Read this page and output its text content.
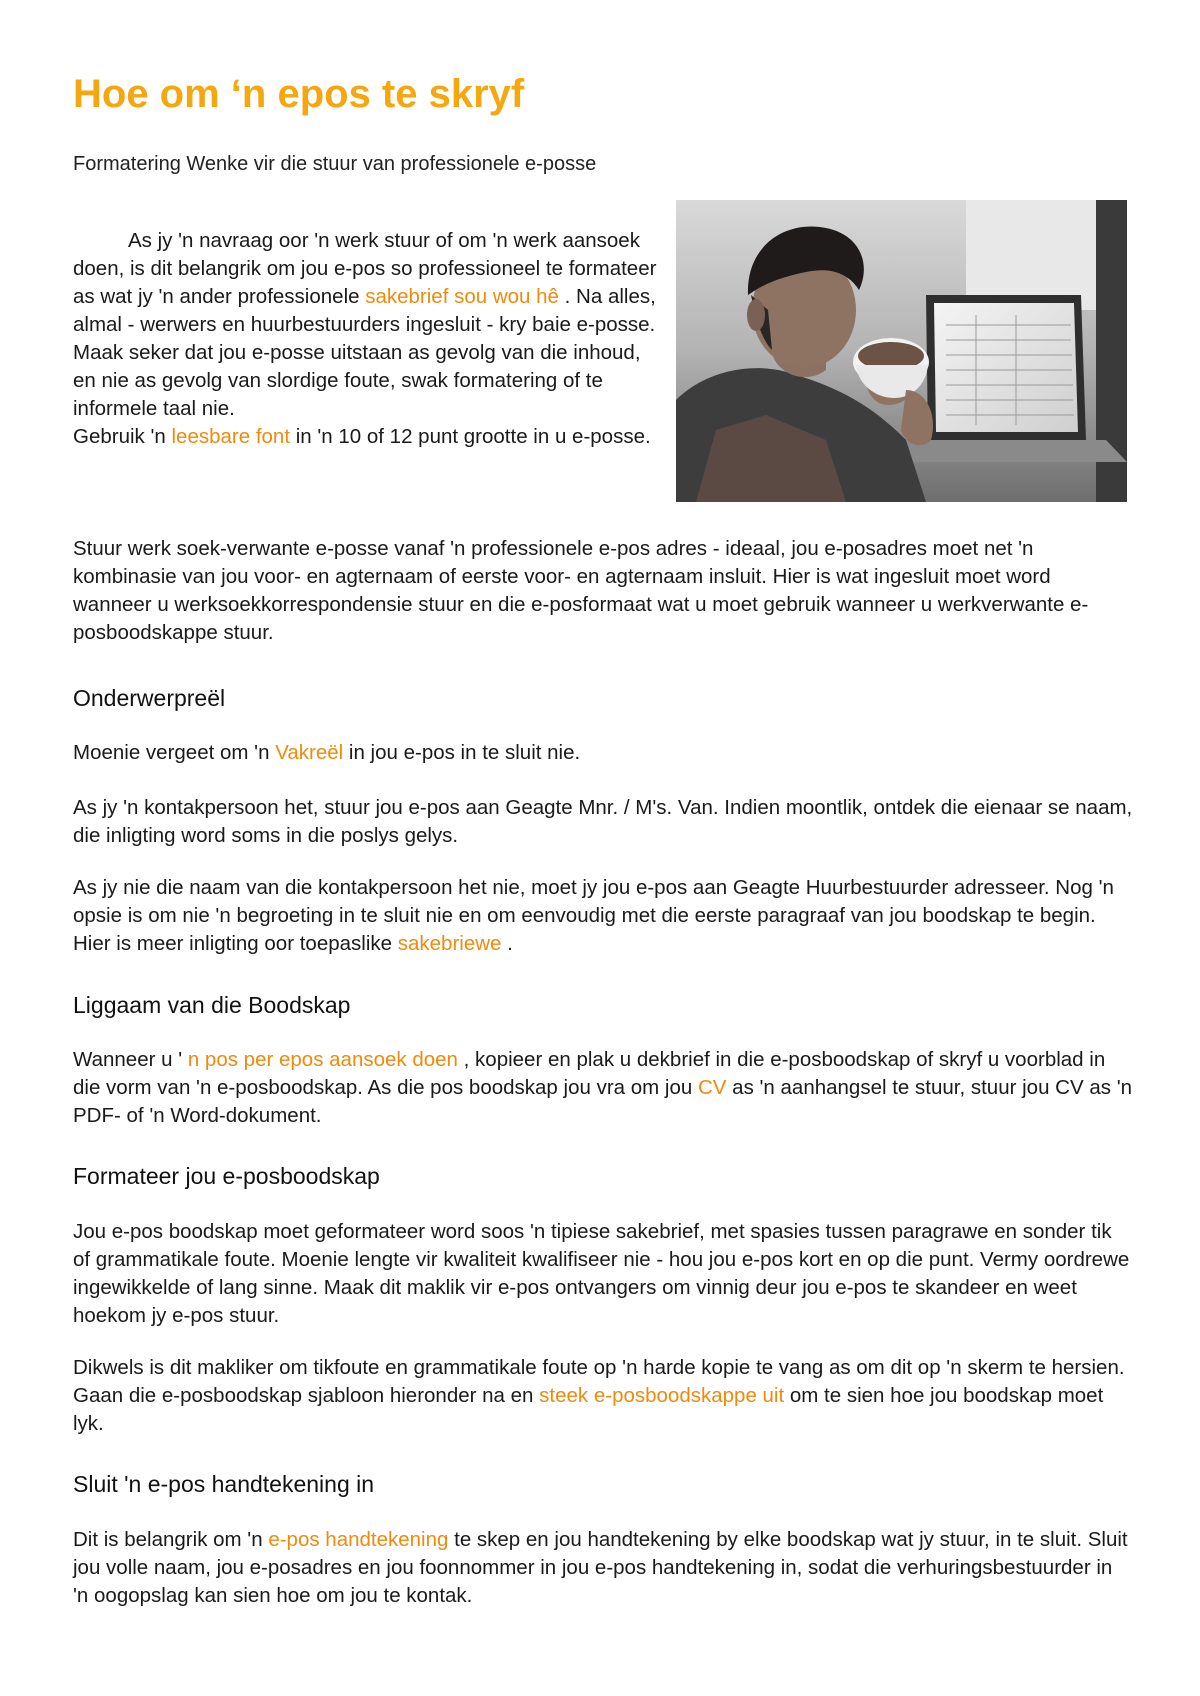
Hoe om ‘n epos te skryf

Formatering Wenke vir die stuur van professionele e-posse

As jy 'n navraag oor 'n werk stuur of om 'n werk aansoek doen, is dit belangrik om jou e-pos so professioneel te formateer as wat jy 'n ander professionele sakebrief sou wou hê . Na alles, almal - werwers en huurbestuurders ingesluit - kry baie e-posse. Maak seker dat jou e-posse uitstaan as gevolg van die inhoud, en nie as gevolg van slordige foute, swak formatering of te informele taal nie.
Gebruik 'n leesbare font in 'n 10 of 12 punt grootte in u e-posse.

Stuur werk soek-verwante e-posse vanaf 'n professionele e-pos adres - ideaal, jou e-posadres moet net 'n kombinasie van jou voor- en agternaam of eerste voor- en agternaam insluit. Hier is wat ingesluit moet word wanneer u werksoekkorrespondensie stuur en die e-posformaat wat u moet gebruik wanneer u werkverwante e-posboodskappe stuur.

Onderwerpreël

Moenie vergeet om 'n Vakreël in jou e-pos in te sluit nie.

As jy 'n kontakpersoon het, stuur jou e-pos aan Geagte Mnr. / M's. Van. Indien moontlik, ontdek die eienaar se naam, die inligting word soms in die poslys gelys.

As jy nie die naam van die kontakpersoon het nie, moet jy jou e-pos aan Geagte Huurbestuurder adresseer. Nog 'n opsie is om nie 'n begroeting in te sluit nie en om eenvoudig met die eerste paragraaf van jou boodskap te begin. Hier is meer inligting oor toepaslike sakebriewe .

Liggaam van die Boodskap

Wanneer u ' n pos per epos aansoek doen , kopieer en plak u dekbrief in die e-posboodskap of skryf u voorblad in die vorm van 'n e-posboodskap. As die pos boodskap jou vra om jou CV as 'n aanhangsel te stuur, stuur jou CV as 'n PDF- of 'n Word-dokument.

Formateer jou e-posboodskap

Jou e-pos boodskap moet geformateer word soos 'n tipiese sakebrief, met spasies tussen paragrawe en sonder tik of grammatikale foute. Moenie lengte vir kwaliteit kwalifiseer nie - hou jou e-pos kort en op die punt. Vermy oordrewe ingewikkelde of lang sinne. Maak dit maklik vir e-pos ontvangers om vinnig deur jou e-pos te skandeer en weet hoekom jy e-pos stuur.

Dikwels is dit makliker om tikfoute en grammatikale foute op 'n harde kopie te vang as om dit op 'n skerm te hersien. Gaan die e-posboodskap sjabloon hieronder na en steek e-posboodskappe uit om te sien hoe jou boodskap moet lyk.

Sluit 'n e-pos handtekening in

Dit is belangrik om 'n e-pos handtekening te skep en jou handtekening by elke boodskap wat jy stuur, in te sluit. Sluit jou volle naam, jou e-posadres en jou foonnommer in jou e-pos handtekening in, sodat die verhuringsbestuurder in 'n oogopslag kan sien hoe om jou te kontak.
